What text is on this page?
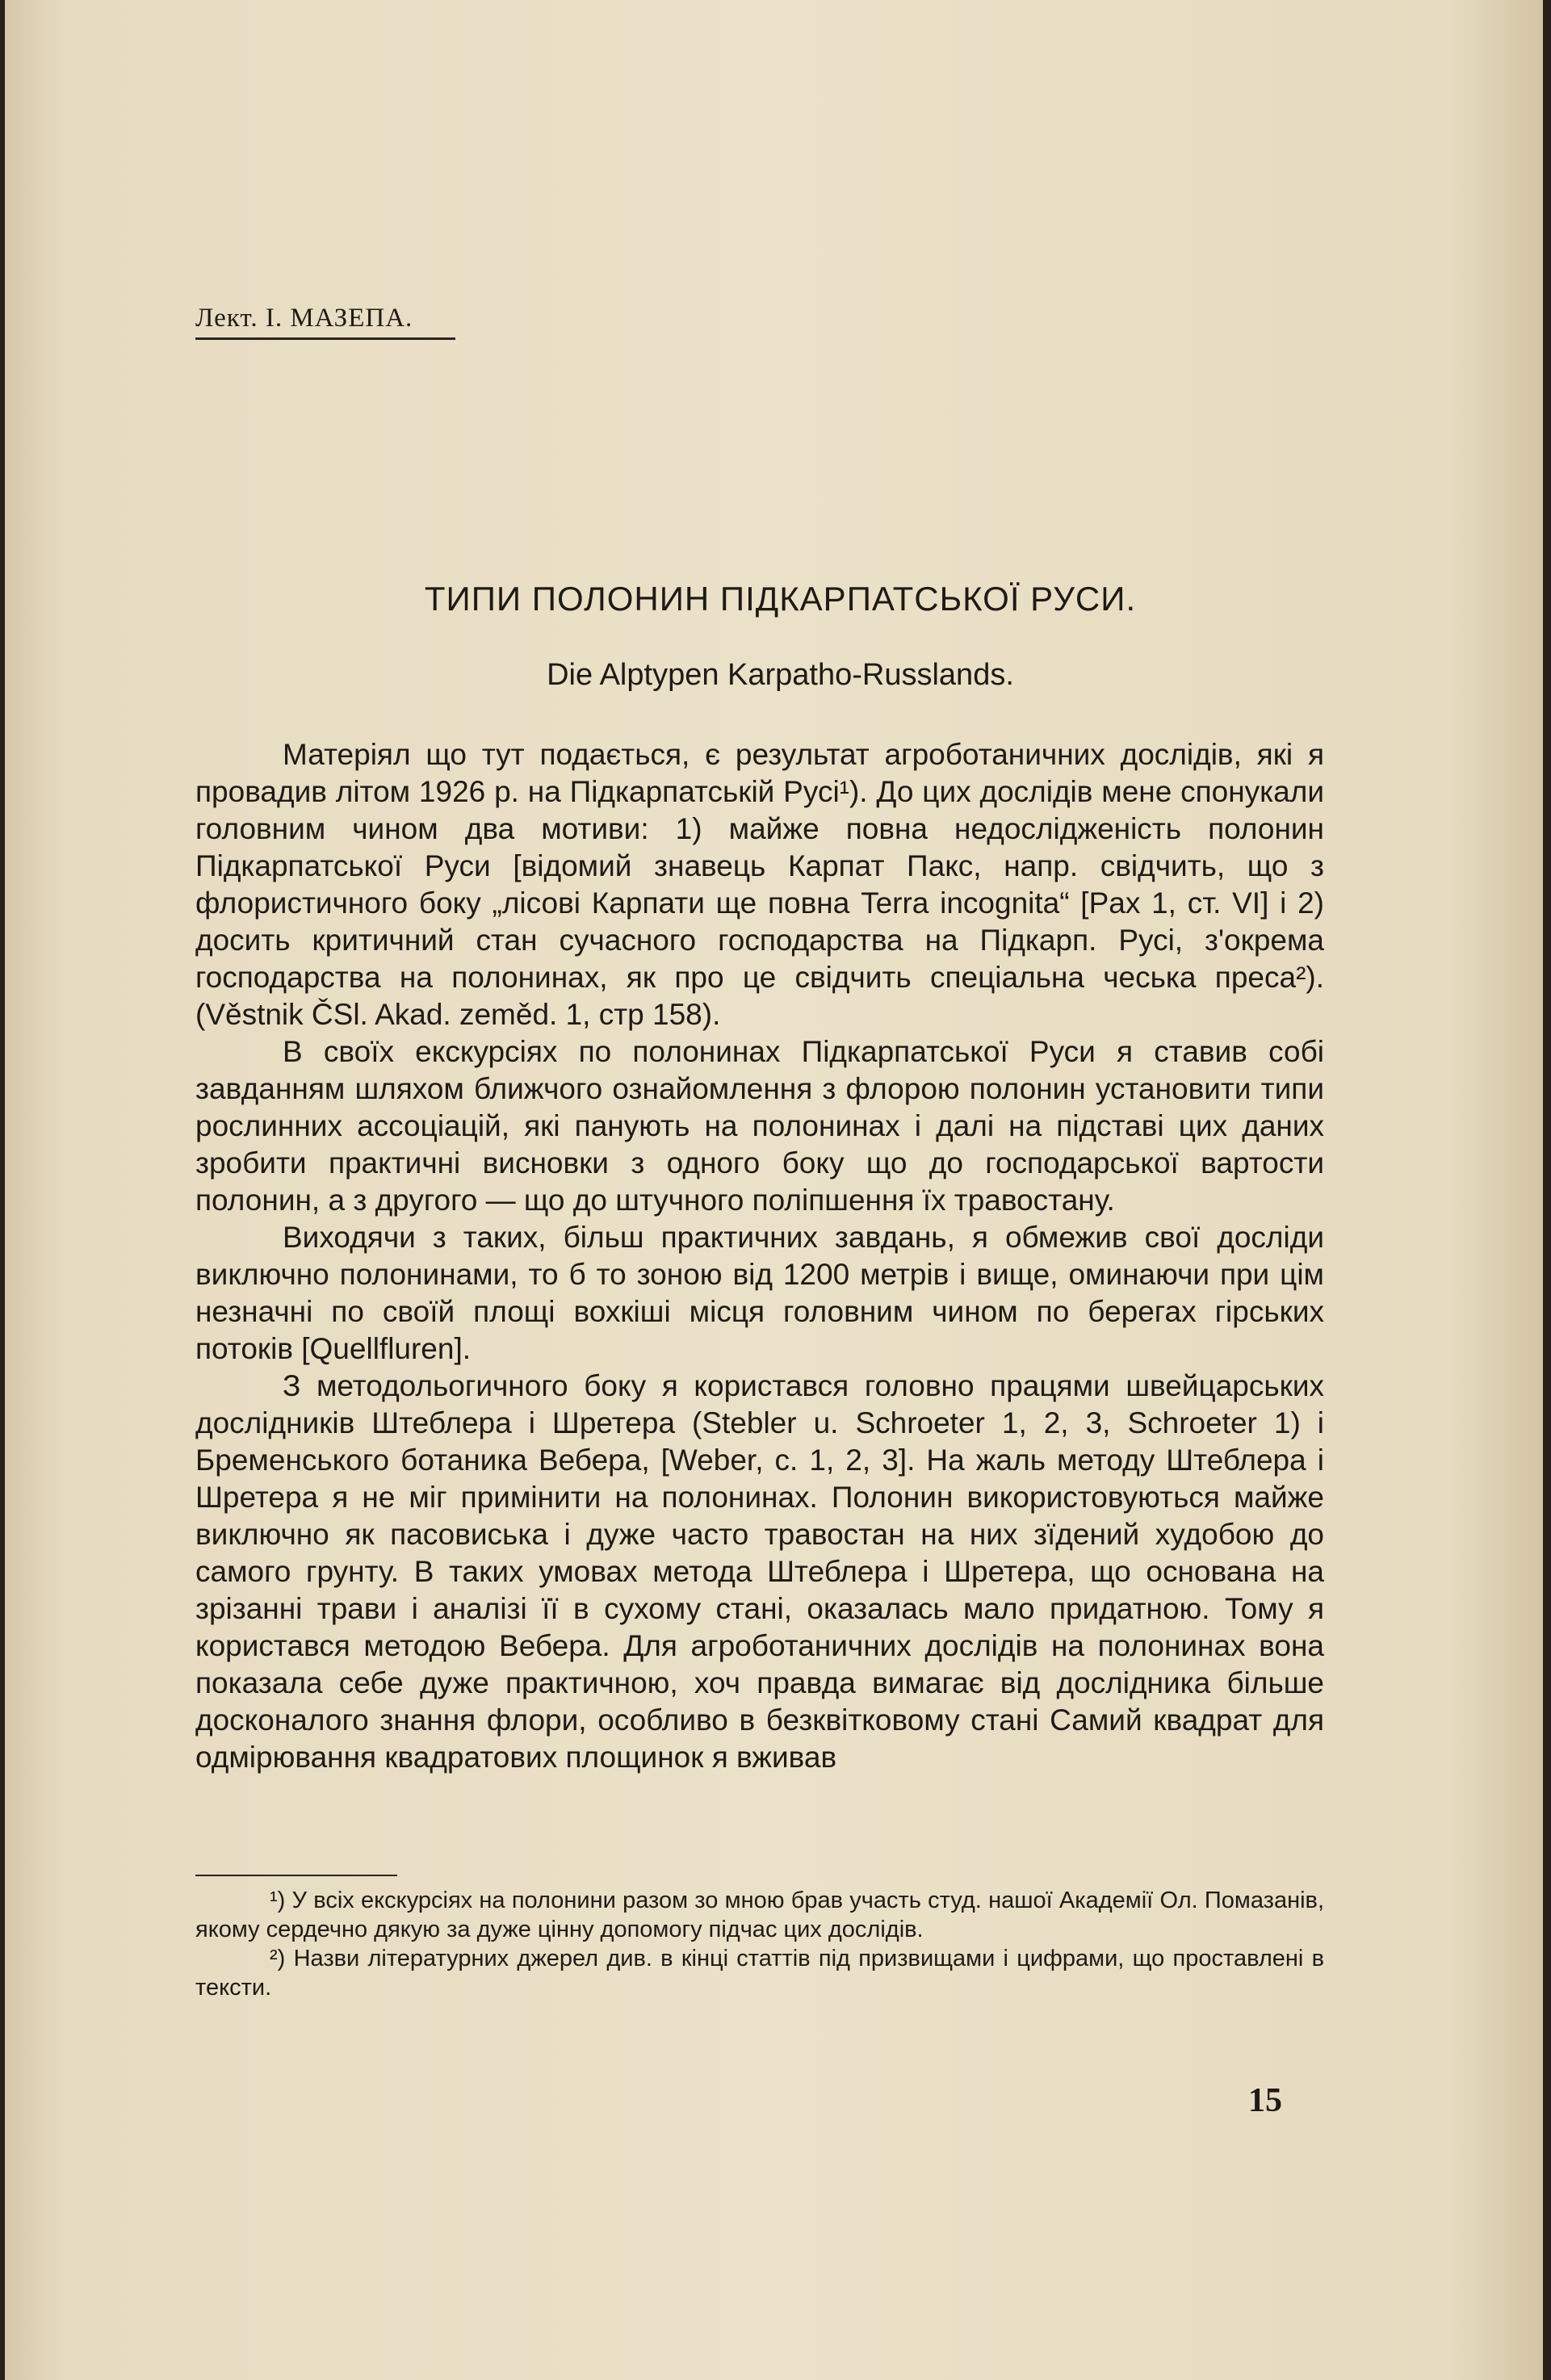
Лект. І. МАЗЕПА.
ТИПИ ПОЛОНИН ПІДКАРПАТСЬКОЇ РУСИ.
Die Alptypen Karpatho-Russlands.

Матеріял що тут подається, є результат агроботаничних дослідів, які я провадив літом 1926 р. на Підкарпатській Русі¹). До цих дослідів мене спонукали головним чином два мотиви: 1) майже повна недослідженість полонин Підкарпатської Руси [відомий знавець Карпат Пакс, напр. свідчить, що з флористичного боку „лісові Карпати ще повна Terra incognita“ [Pax 1, ст. VI] і 2) досить критичний стан сучасного господарства на Підкарп. Русі, з'окрема господарства на полонинах, як про це свідчить спеціальна чеська преса²). (Věstnik ČSl. Akad. zeměd. 1, стр 158).

В своїх екскурсіях по полонинах Підкарпатської Руси я ставив собі завданням шляхом ближчого ознайомлення з флорою полонин установити типи рослинних ассоціацій, які панують на полонинах і далі на підставі цих даних зробити практичні висновки з одного боку що до господарської вартости полонин, а з другого — що до штучного поліпшення їх травостану.

Виходячи з таких, більш практичних завдань, я обмежив свої досліди виключно полонинами, то б то зоною від 1200 метрів і вище, оминаючи при цім незначні по своїй площі вохкіші місця головним чином по берегах гірських потоків [Quellfluren].

З методольогичного боку я користався головно працями швейцарських дослідників Штеблера і Шретера (Stebler u. Schroeter 1, 2, 3, Schroeter 1) і Бременського ботаника Вебера, [Weber, c. 1, 2, 3]. На жаль методу Штеблера і Шретера я не міг примінити на полонинах. Полонин використовуються майже виключно як пасовиська і дуже часто травостан на них зїдений худобою до самого грунту. В таких умовах метода Штеблера і Шретера, що основана на зрізанні трави і аналізі її в сухому стані, оказалась мало придатною. Тому я користався методою Вебера. Для агроботаничних дослідів на полонинах вона показала себе дуже практичною, хоч правда вимагає від дослідника більше досконалого знання флори, особливо в безквітковому стані Самий квадрат для одмірювання квадратових площинок я вживав

¹) У всіх екскурсіях на полонини разом зо мною брав участь студ. нашої Академії Ол. Помазанів, якому сердечно дякую за дуже цінну допомогу підчас цих дослідів.

²) Назви літературних джерел див. в кінці статтів під призвищами і цифрами, що проставлені в тексти.

15
